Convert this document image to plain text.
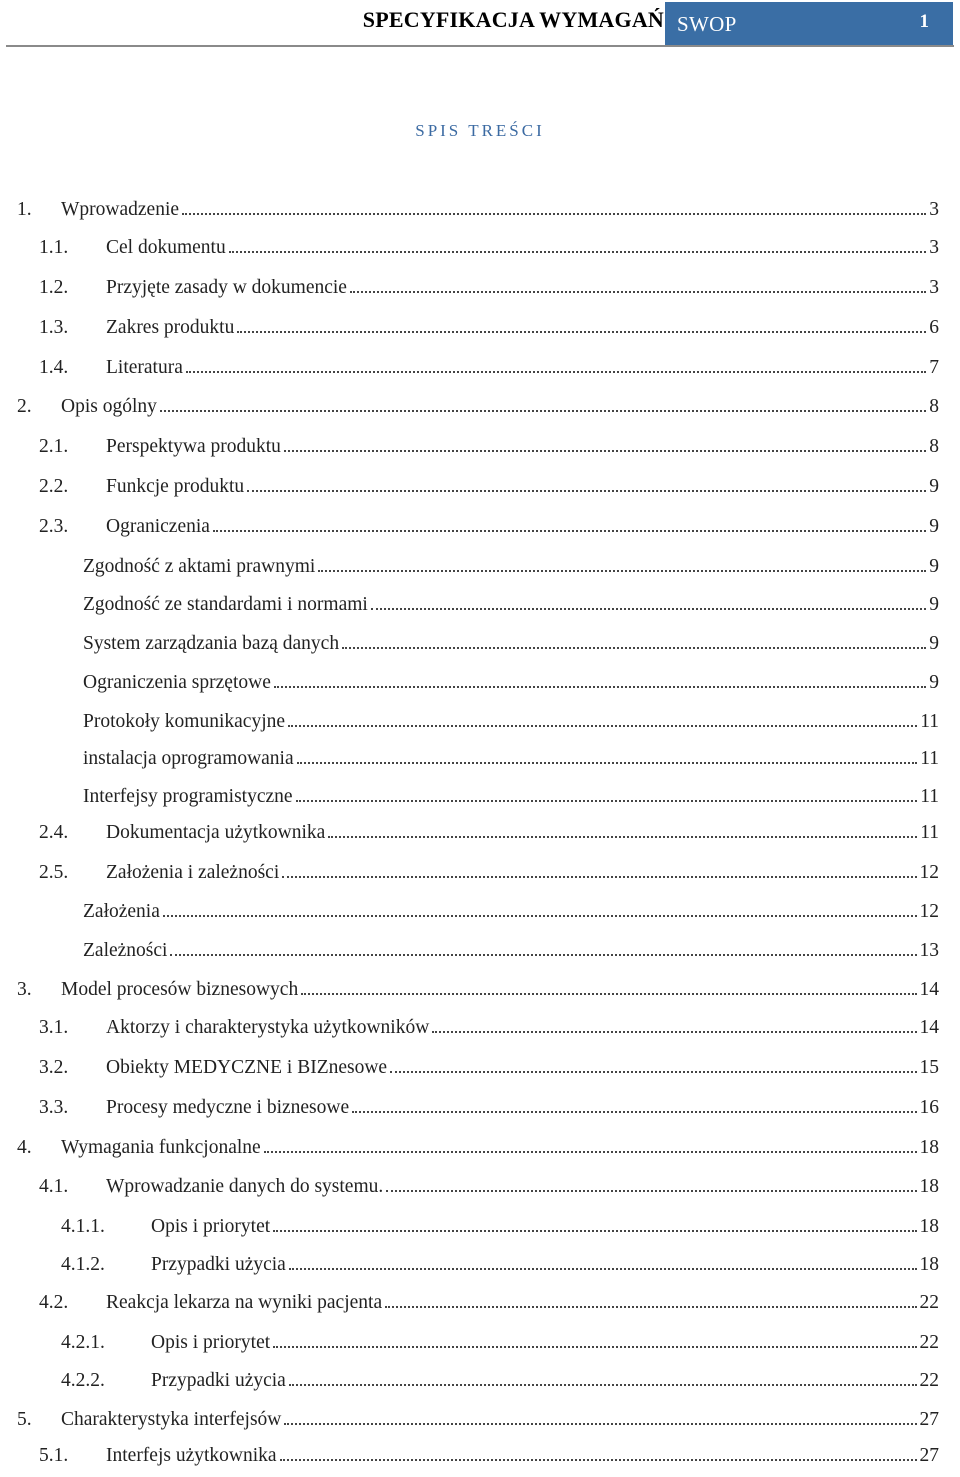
SPECYFIKACJA WYMAGAŃ SWOP	1
SPIS TREŚCI
1. Wprowadzenie	3
1.1. Cel dokumentu	3
1.2. Przyjęte zasady w dokumencie	3
1.3. Zakres produktu	6
1.4. Literatura	7
2. Opis ogólny	8
2.1. Perspektywa produktu	8
2.2. Funkcje produktu	9
2.3. Ograniczenia	9
Zgodność z aktami prawnymi	9
Zgodność ze standardami i normami	9
System zarządzania bazą danych	9
Ograniczenia sprzętowe	9
Protokoły komunikacyjne	11
instalacja oprogramowania	11
Interfejsy programistyczne	11
2.4. Dokumentacja użytkownika	11
2.5. Założenia i zależności	12
Założenia	12
Zależności	13
3. Model procesów biznesowych	14
3.1. Aktorzy i charakterystyka użytkowników	14
3.2. Obiekty MEDYCZNE i BIZnesowe	15
3.3. Procesy medyczne i biznesowe	16
4. Wymagania funkcjonalne	18
4.1. Wprowadzanie danych do systemu.	18
4.1.1. Opis i priorytet	18
4.1.2. Przypadki użycia	18
4.2. Reakcja lekarza na wyniki pacjenta	22
4.2.1. Opis i priorytet	22
4.2.2. Przypadki użycia	22
5. Charakterystyka interfejsów	27
5.1. Interfejs użytkownika	27
